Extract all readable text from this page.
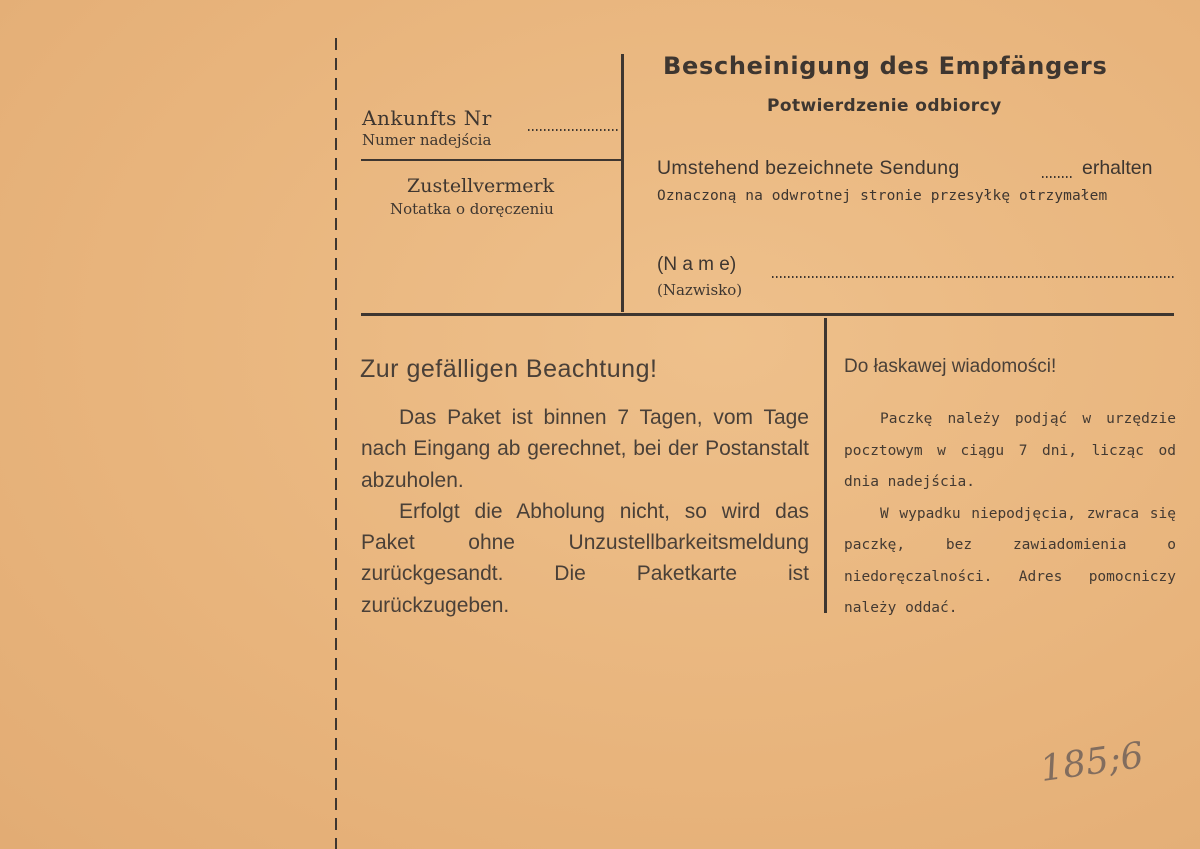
Ankunfts Nr
Numer nadejścia
Zustellvermerk
Notatka o doręczeniu
Bescheinigung des Empfängers
Potwierdzenie odbiorcy
Umstehend bezeichnete Sendung	erhalten
Oznaczoną na odwrotnej stronie przesyłkę otrzymałem
(N a m e)
(Nazwisko)
Zur gefälligen Beachtung!

Das Paket ist binnen 7 Tagen, vom Tage nach Eingang ab gerechnet, bei der Postanstalt abzuholen.

Erfolgt die Abholung nicht, so wird das Paket ohne Unzustellbarkeitsmeldung zurückgesandt. Die Paketkarte ist zurückzugeben.

Do łaskawej wiadomości!

Paczkę należy podjąć w urzędzie pocztowym w ciągu 7 dni, licząc od dnia nadejścia.

W wypadku niepodjęcia, zwraca się paczkę, bez zawiadomienia o niedoręczalności. Adres pomocniczy należy oddać.

185;6
